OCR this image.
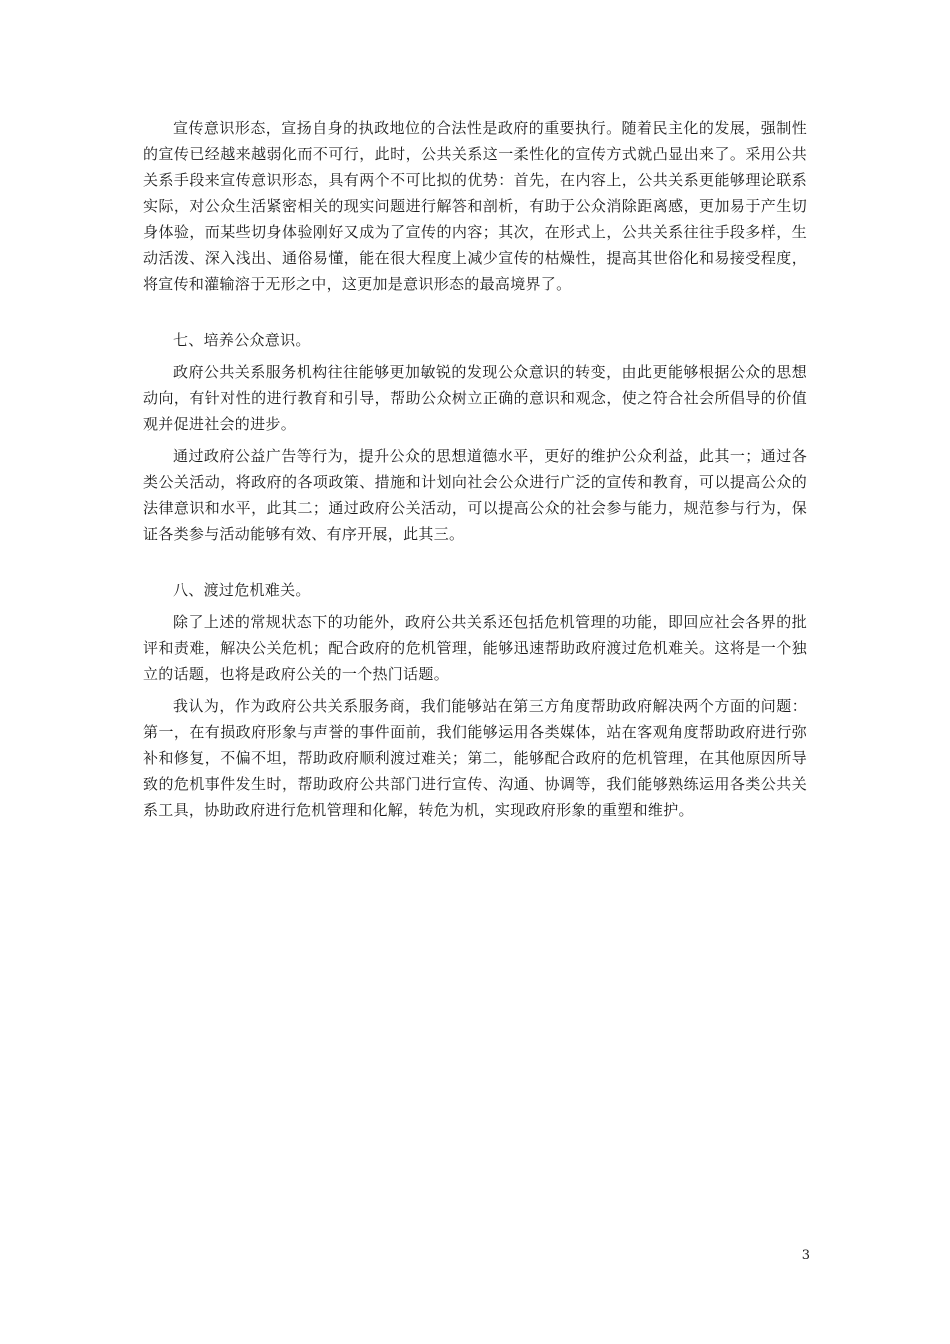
宣传意识形态，宣扬自身的执政地位的合法性是政府的重要执行。随着民主化的发展，强制性的宣传已经越来越弱化而不可行，此时，公共关系这一柔性化的宣传方式就凸显出来了。采用公共关系手段来宣传意识形态，具有两个不可比拟的优势：首先，在内容上，公共关系更能够理论联系实际，对公众生活紧密相关的现实问题进行解答和剖析，有助于公众消除距离感，更加易于产生切身体验，而某些切身体验刚好又成为了宣传的内容；其次，在形式上，公共关系往往手段多样，生动活泼、深入浅出、通俗易懂，能在很大程度上减少宣传的枯燥性，提高其世俗化和易接受程度，将宣传和灌输溶于无形之中，这更加是意识形态的最高境界了。

七、培养公众意识。

政府公共关系服务机构往往能够更加敏锐的发现公众意识的转变，由此更能够根据公众的思想动向，有针对性的进行教育和引导，帮助公众树立正确的意识和观念，使之符合社会所倡导的价值观并促进社会的进步。

通过政府公益广告等行为，提升公众的思想道德水平，更好的维护公众利益，此其一；通过各类公关活动，将政府的各项政策、措施和计划向社会公众进行广泛的宣传和教育，可以提高公众的法律意识和水平，此其二；通过政府公关活动，可以提高公众的社会参与能力，规范参与行为，保证各类参与活动能够有效、有序开展，此其三。

八、渡过危机难关。

除了上述的常规状态下的功能外，政府公共关系还包括危机管理的功能，即回应社会各界的批评和责难，解决公关危机；配合政府的危机管理，能够迅速帮助政府渡过危机难关。这将是一个独立的话题，也将是政府公关的一个热门话题。

我认为，作为政府公共关系服务商，我们能够站在第三方角度帮助政府解决两个方面的问题：第一，在有损政府形象与声誉的事件面前，我们能够运用各类媒体，站在客观角度帮助政府进行弥补和修复，不偏不坦，帮助政府顺利渡过难关；第二，能够配合政府的危机管理，在其他原因所导致的危机事件发生时，帮助政府公共部门进行宣传、沟通、协调等，我们能够熟练运用各类公共关系工具，协助政府进行危机管理和化解，转危为机，实现政府形象的重塑和维护。

3
